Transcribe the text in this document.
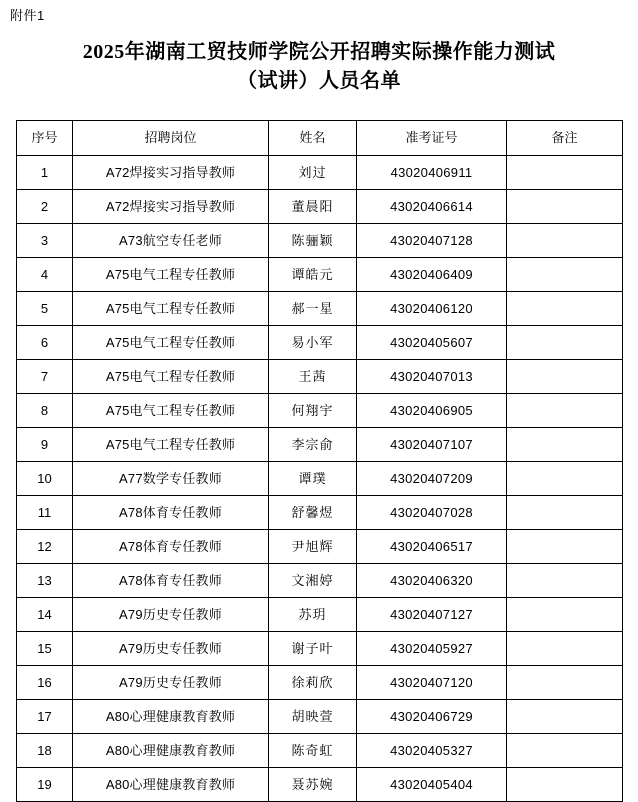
附件1
2025年湖南工贸技师学院公开招聘实际操作能力测试
（试讲）人员名单
序号	招聘岗位	姓名	准考证号	备注
1	A72焊接实习指导教师	刘过	43020406911	
2	A72焊接实习指导教师	董晨阳	43020406614	
3	A73航空专任老师	陈骊颖	43020407128	
4	A75电气工程专任教师	谭皓元	43020406409	
5	A75电气工程专任教师	郝一星	43020406120	
6	A75电气工程专任教师	易小军	43020405607	
7	A75电气工程专任教师	王茜	43020407013	
8	A75电气工程专任教师	何翔宇	43020406905	
9	A75电气工程专任教师	李宗俞	43020407107	
10	A77数学专任教师	谭璞	43020407209	
11	A78体育专任教师	舒馨煜	43020407028	
12	A78体育专任教师	尹旭辉	43020406517	
13	A78体育专任教师	文湘婷	43020406320	
14	A79历史专任教师	苏玥	43020407127	
15	A79历史专任教师	谢子叶	43020405927	
16	A79历史专任教师	徐莉欣	43020407120	
17	A80心理健康教育教师	胡映萱	43020406729	
18	A80心理健康教育教师	陈奇虹	43020405327	
19	A80心理健康教育教师	聂苏婉	43020405404	
